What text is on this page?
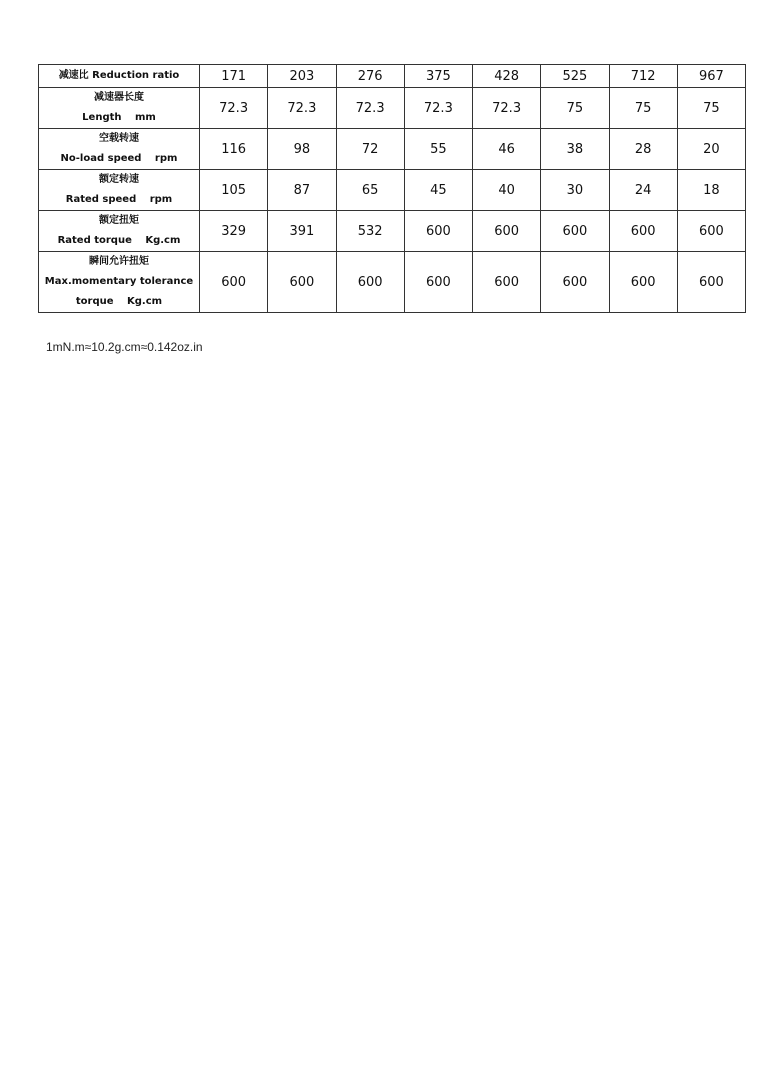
减速比 Reduction ratio	171	203	276	375	428	525	712	967

减速器长度
Length　 mm	72.3	72.3	72.3	72.3	72.3	75	75	75

空载转速
No-load speed　 rpm	116	98	72	55	46	38	28	20

额定转速
Rated speed　 rpm	105	87	65	45	40	30	24	18

额定扭矩
Rated torque　 Kg.cm	329	391	532	600	600	600	600	600

瞬间允许扭矩
Max.momentary tolerance
torque　 Kg.cm	600	600	600	600	600	600	600	600
1mN.m≈10.2g.cm≈0.142oz.in
